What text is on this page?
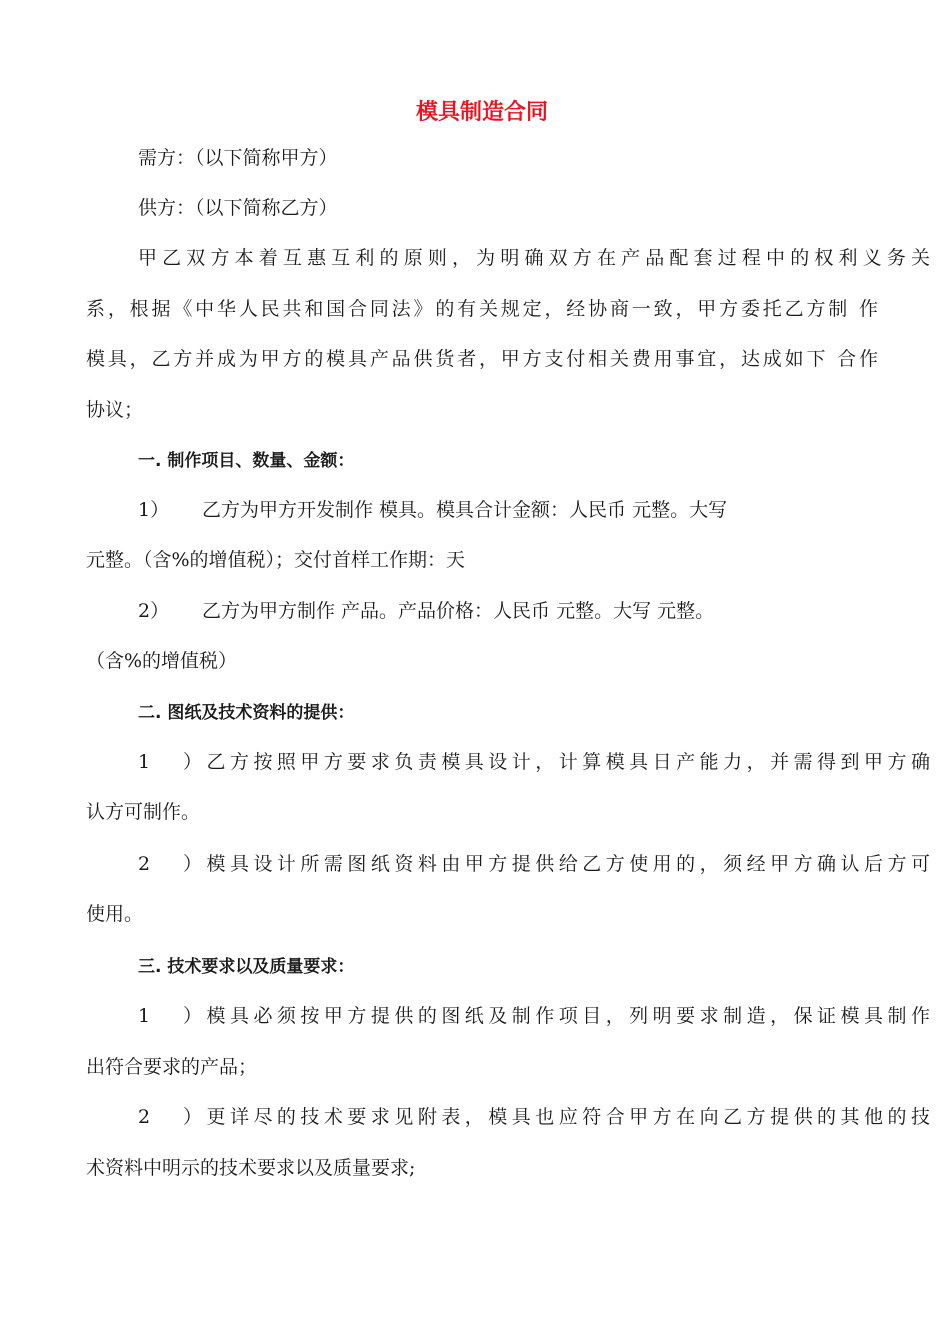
模具制造合同
需方：（以下简称甲方）
供方：（以下简称乙方）
甲乙双方本着互惠互利的原则，为明确双方在产品配套过程中的权利义务关
系，根据《中华人民共和国合同法》的有关规定，经协商一致，甲方委托乙方制 作
模具，乙方并成为甲方的模具产品供货者，甲方支付相关费用事宜，达成如下 合作
协议；
一. 制作项目、数量、金额：
1） 乙方为甲方开发制作 模具。模具合计金额：人民币 元整。大写
元整。（含%的增值税）；交付首样工作期：天
2） 乙方为甲方制作 产品。产品价格：人民币 元整。大写 元整。
（含%的增值税）
二. 图纸及技术资料的提供：
1）乙方按照甲方要求负责模具设计，计算模具日产能力，并需得到甲方确
认方可制作。
2）模具设计所需图纸资料由甲方提供给乙方使用的，须经甲方确认后方可
使用。
三. 技术要求以及质量要求：
1）模具必须按甲方提供的图纸及制作项目，列明要求制造，保证模具制作
出符合要求的产品；
2）更详尽的技术要求见附表，模具也应符合甲方在向乙方提供的其他的技
术资料中明示的技术要求以及质量要求;
